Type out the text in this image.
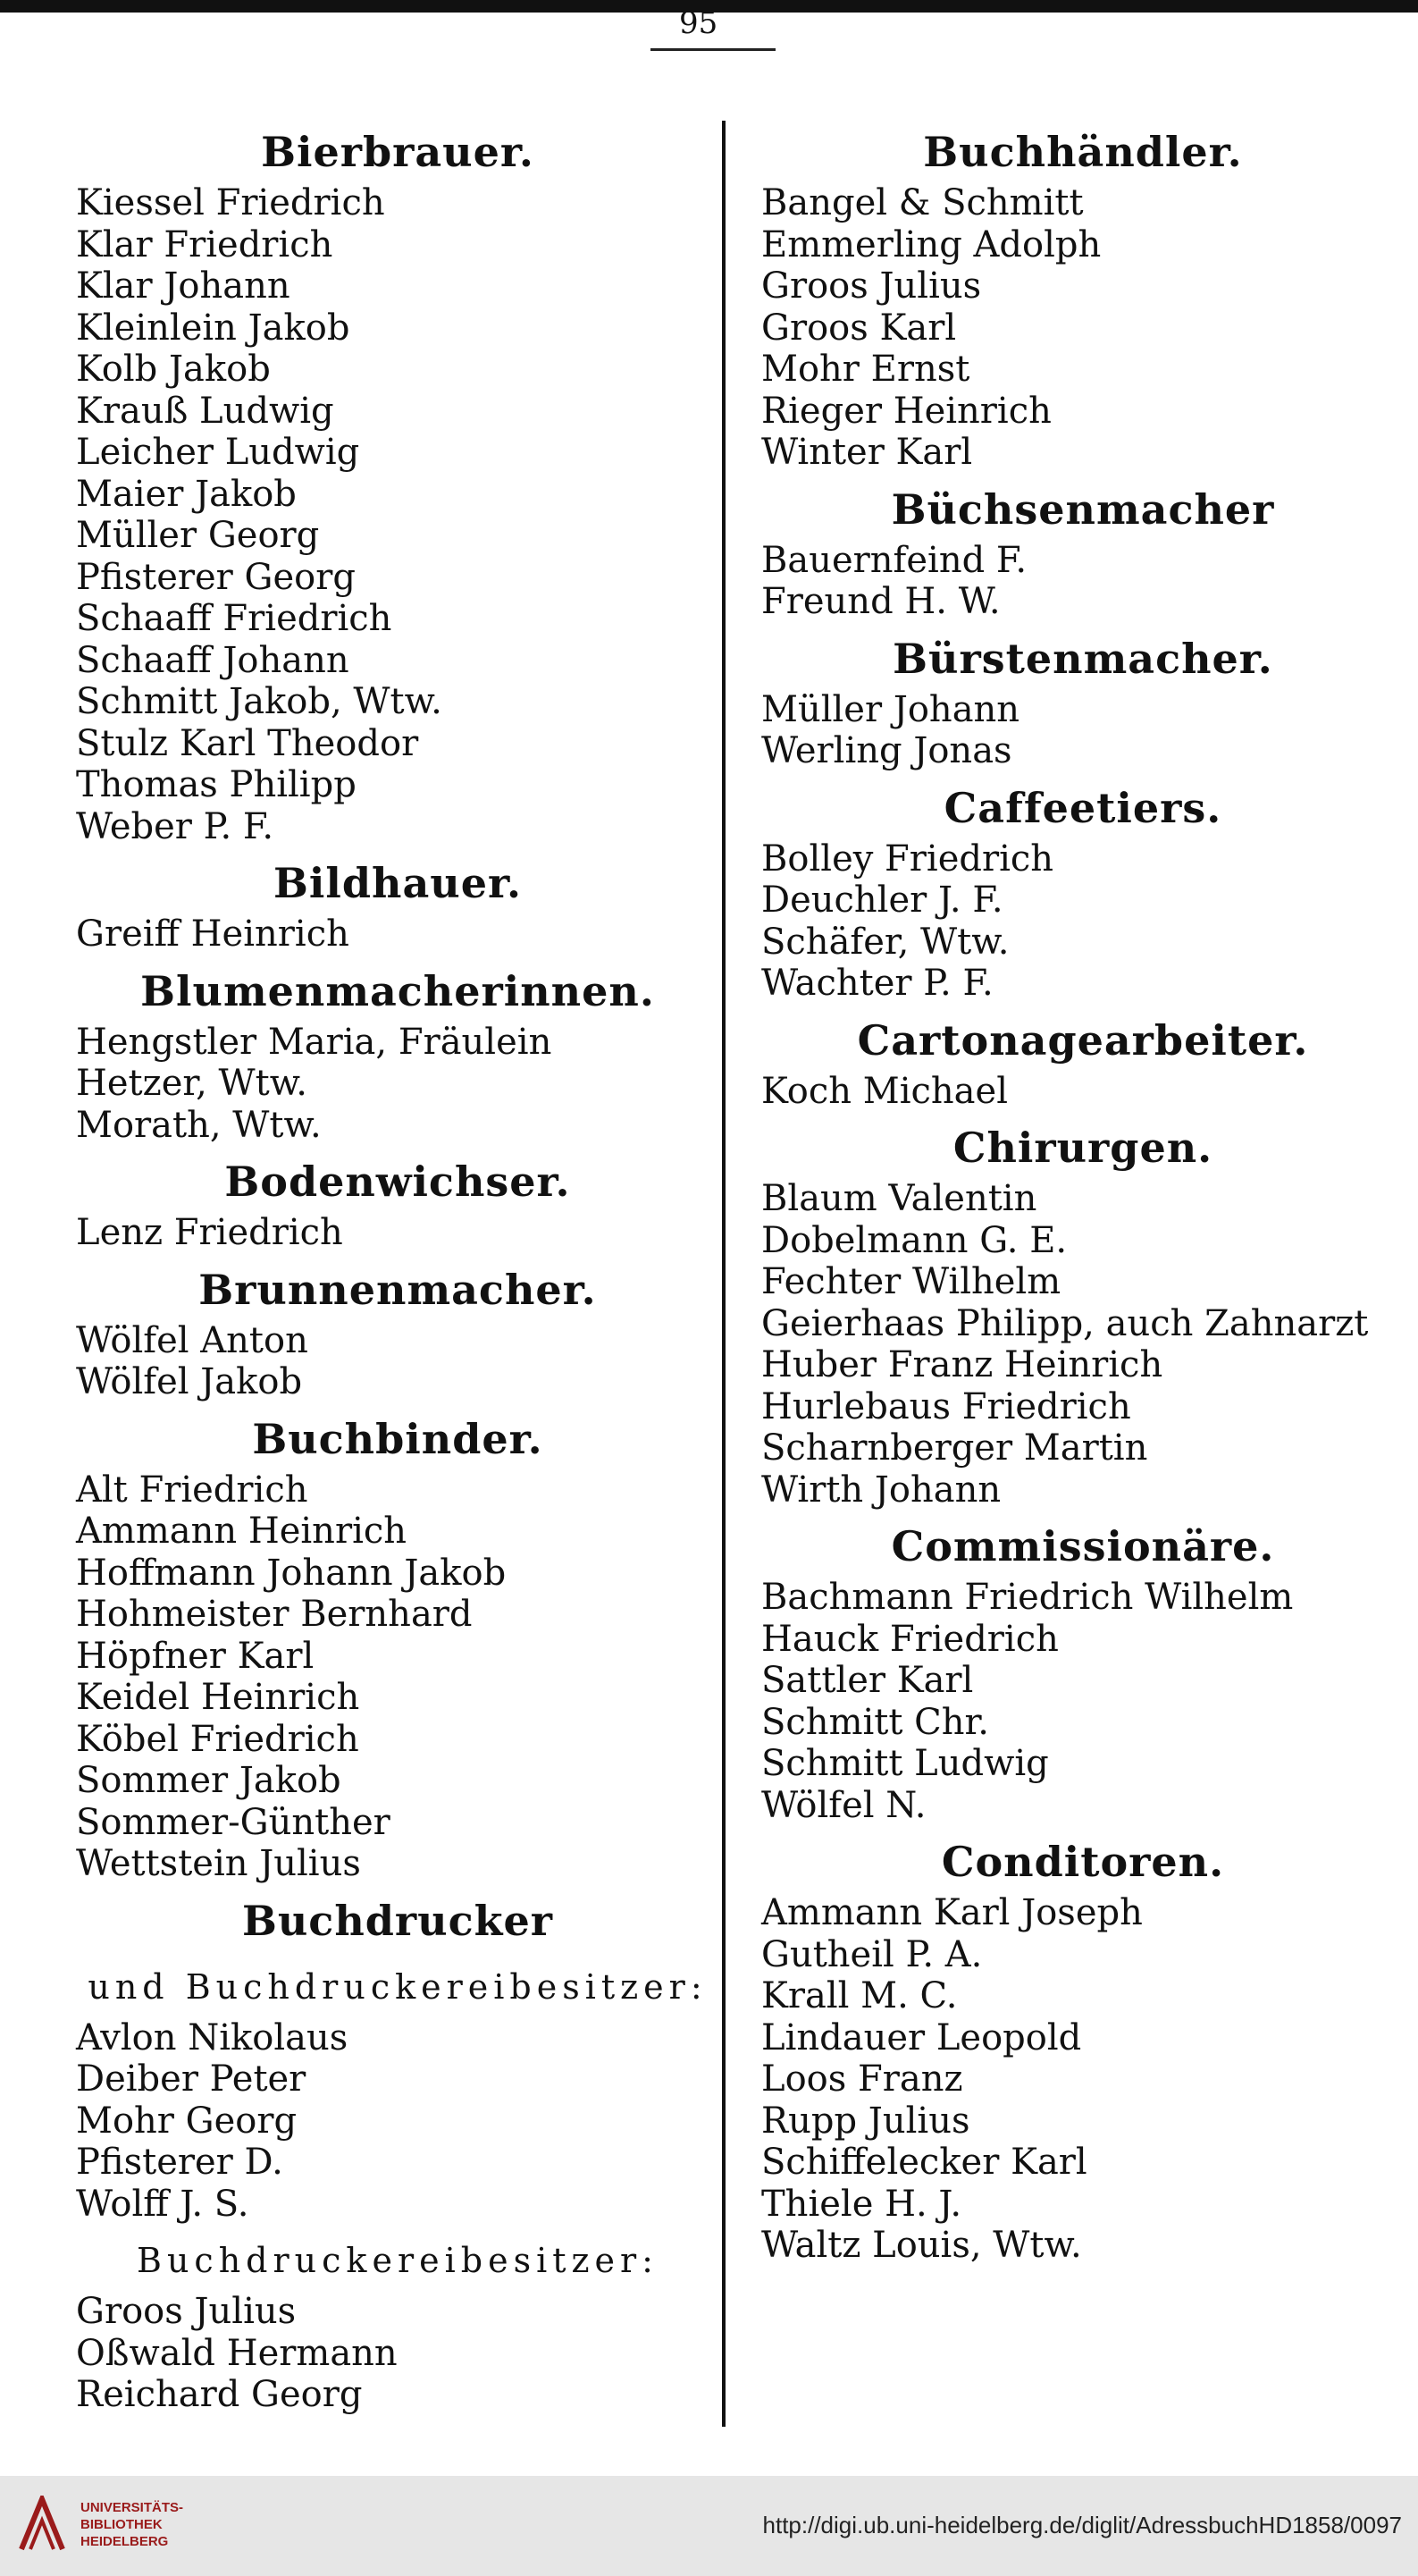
95
Bierbrauer.
Kiessel Friedrich
Klar Friedrich
Klar Johann
Kleinlein Jakob
Kolb Jakob
Krauß Ludwig
Leicher Ludwig
Maier Jakob
Müller Georg
Pfisterer Georg
Schaaff Friedrich
Schaaff Johann
Schmitt Jakob, Wtw.
Stulz Karl Theodor
Thomas Philipp
Weber P. F.
Bildhauer.
Greiff Heinrich
Blumenmacherinnen.
Hengstler Maria, Fräulein
Hetzer, Wtw.
Morath, Wtw.
Bodenwichser.
Lenz Friedrich
Brunnenmacher.
Wölfel Anton
Wölfel Jakob
Buchbinder.
Alt Friedrich
Ammann Heinrich
Hoffmann Johann Jakob
Hohmeister Bernhard
Höpfner Karl
Keidel Heinrich
Köbel Friedrich
Sommer Jakob
Sommer-Günther
Wettstein Julius
Buchdrucker
und Buchdruckereibesitzer:
Avlon Nikolaus
Deiber Peter
Mohr Georg
Pfisterer D.
Wolff J. S.
Buchdruckereibesitzer:
Groos Julius
Oßwald Hermann
Reichard Georg
Buchhändler.
Bangel & Schmitt
Emmerling Adolph
Groos Julius
Groos Karl
Mohr Ernst
Rieger Heinrich
Winter Karl
Büchsenmacher
Bauernfeind F.
Freund H. W.
Bürstenmacher.
Müller Johann
Werling Jonas
Caffeetiers.
Bolley Friedrich
Deuchler J. F.
Schäfer, Wtw.
Wachter P. F.
Cartonagearbeiter.
Koch Michael
Chirurgen.
Blaum Valentin
Dobelmann G. E.
Fechter Wilhelm
Geierhaas Philipp, auch Zahnarzt
Huber Franz Heinrich
Hurlebaus Friedrich
Scharnberger Martin
Wirth Johann
Commissionäre.
Bachmann Friedrich Wilhelm
Hauck Friedrich
Sattler Karl
Schmitt Chr.
Schmitt Ludwig
Wölfel N.
Conditoren.
Ammann Karl Joseph
Gutheil P. A.
Krall M. C.
Lindauer Leopold
Loos Franz
Rupp Julius
Schiffelecker Karl
Thiele H. J.
Waltz Louis, Wtw.
UNIVERSITÄTS-
BIBLIOTHEK
HEIDELBERG
http://digi.ub.uni-heidelberg.de/diglit/AdressbuchHD1858/0097
